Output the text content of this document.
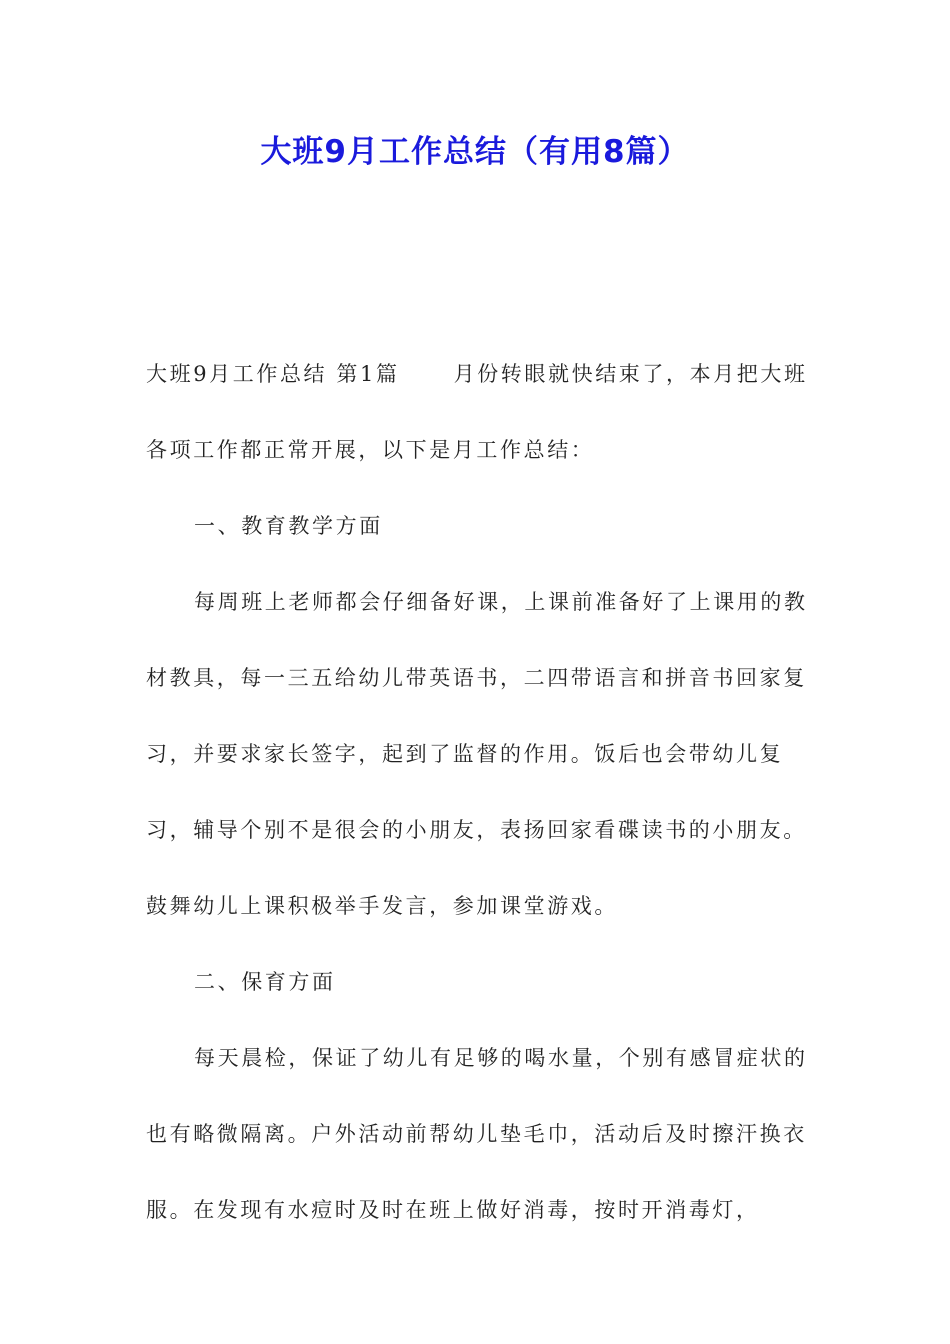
大班9月工作总结（有用8篇）

大班9月工作总结 第1篇	月份转眼就快结束了，本月把大班各项工作都正常开展，以下是月工作总结：

一、教育教学方面

每周班上老师都会仔细备好课，上课前准备好了上课用的教材教具，每一三五给幼儿带英语书，二四带语言和拼音书回家复习，并要求家长签字，起到了监督的作用。饭后也会带幼儿复习，辅导个别不是很会的小朋友，表扬回家看碟读书的小朋友。鼓舞幼儿上课积极举手发言，参加课堂游戏。

二、保育方面

每天晨检，保证了幼儿有足够的喝水量，个别有感冒症状的也有略微隔离。户外活动前帮幼儿垫毛巾，活动后及时擦汗换衣服。在发现有水痘时及时在班上做好消毒，按时开消毒灯，
